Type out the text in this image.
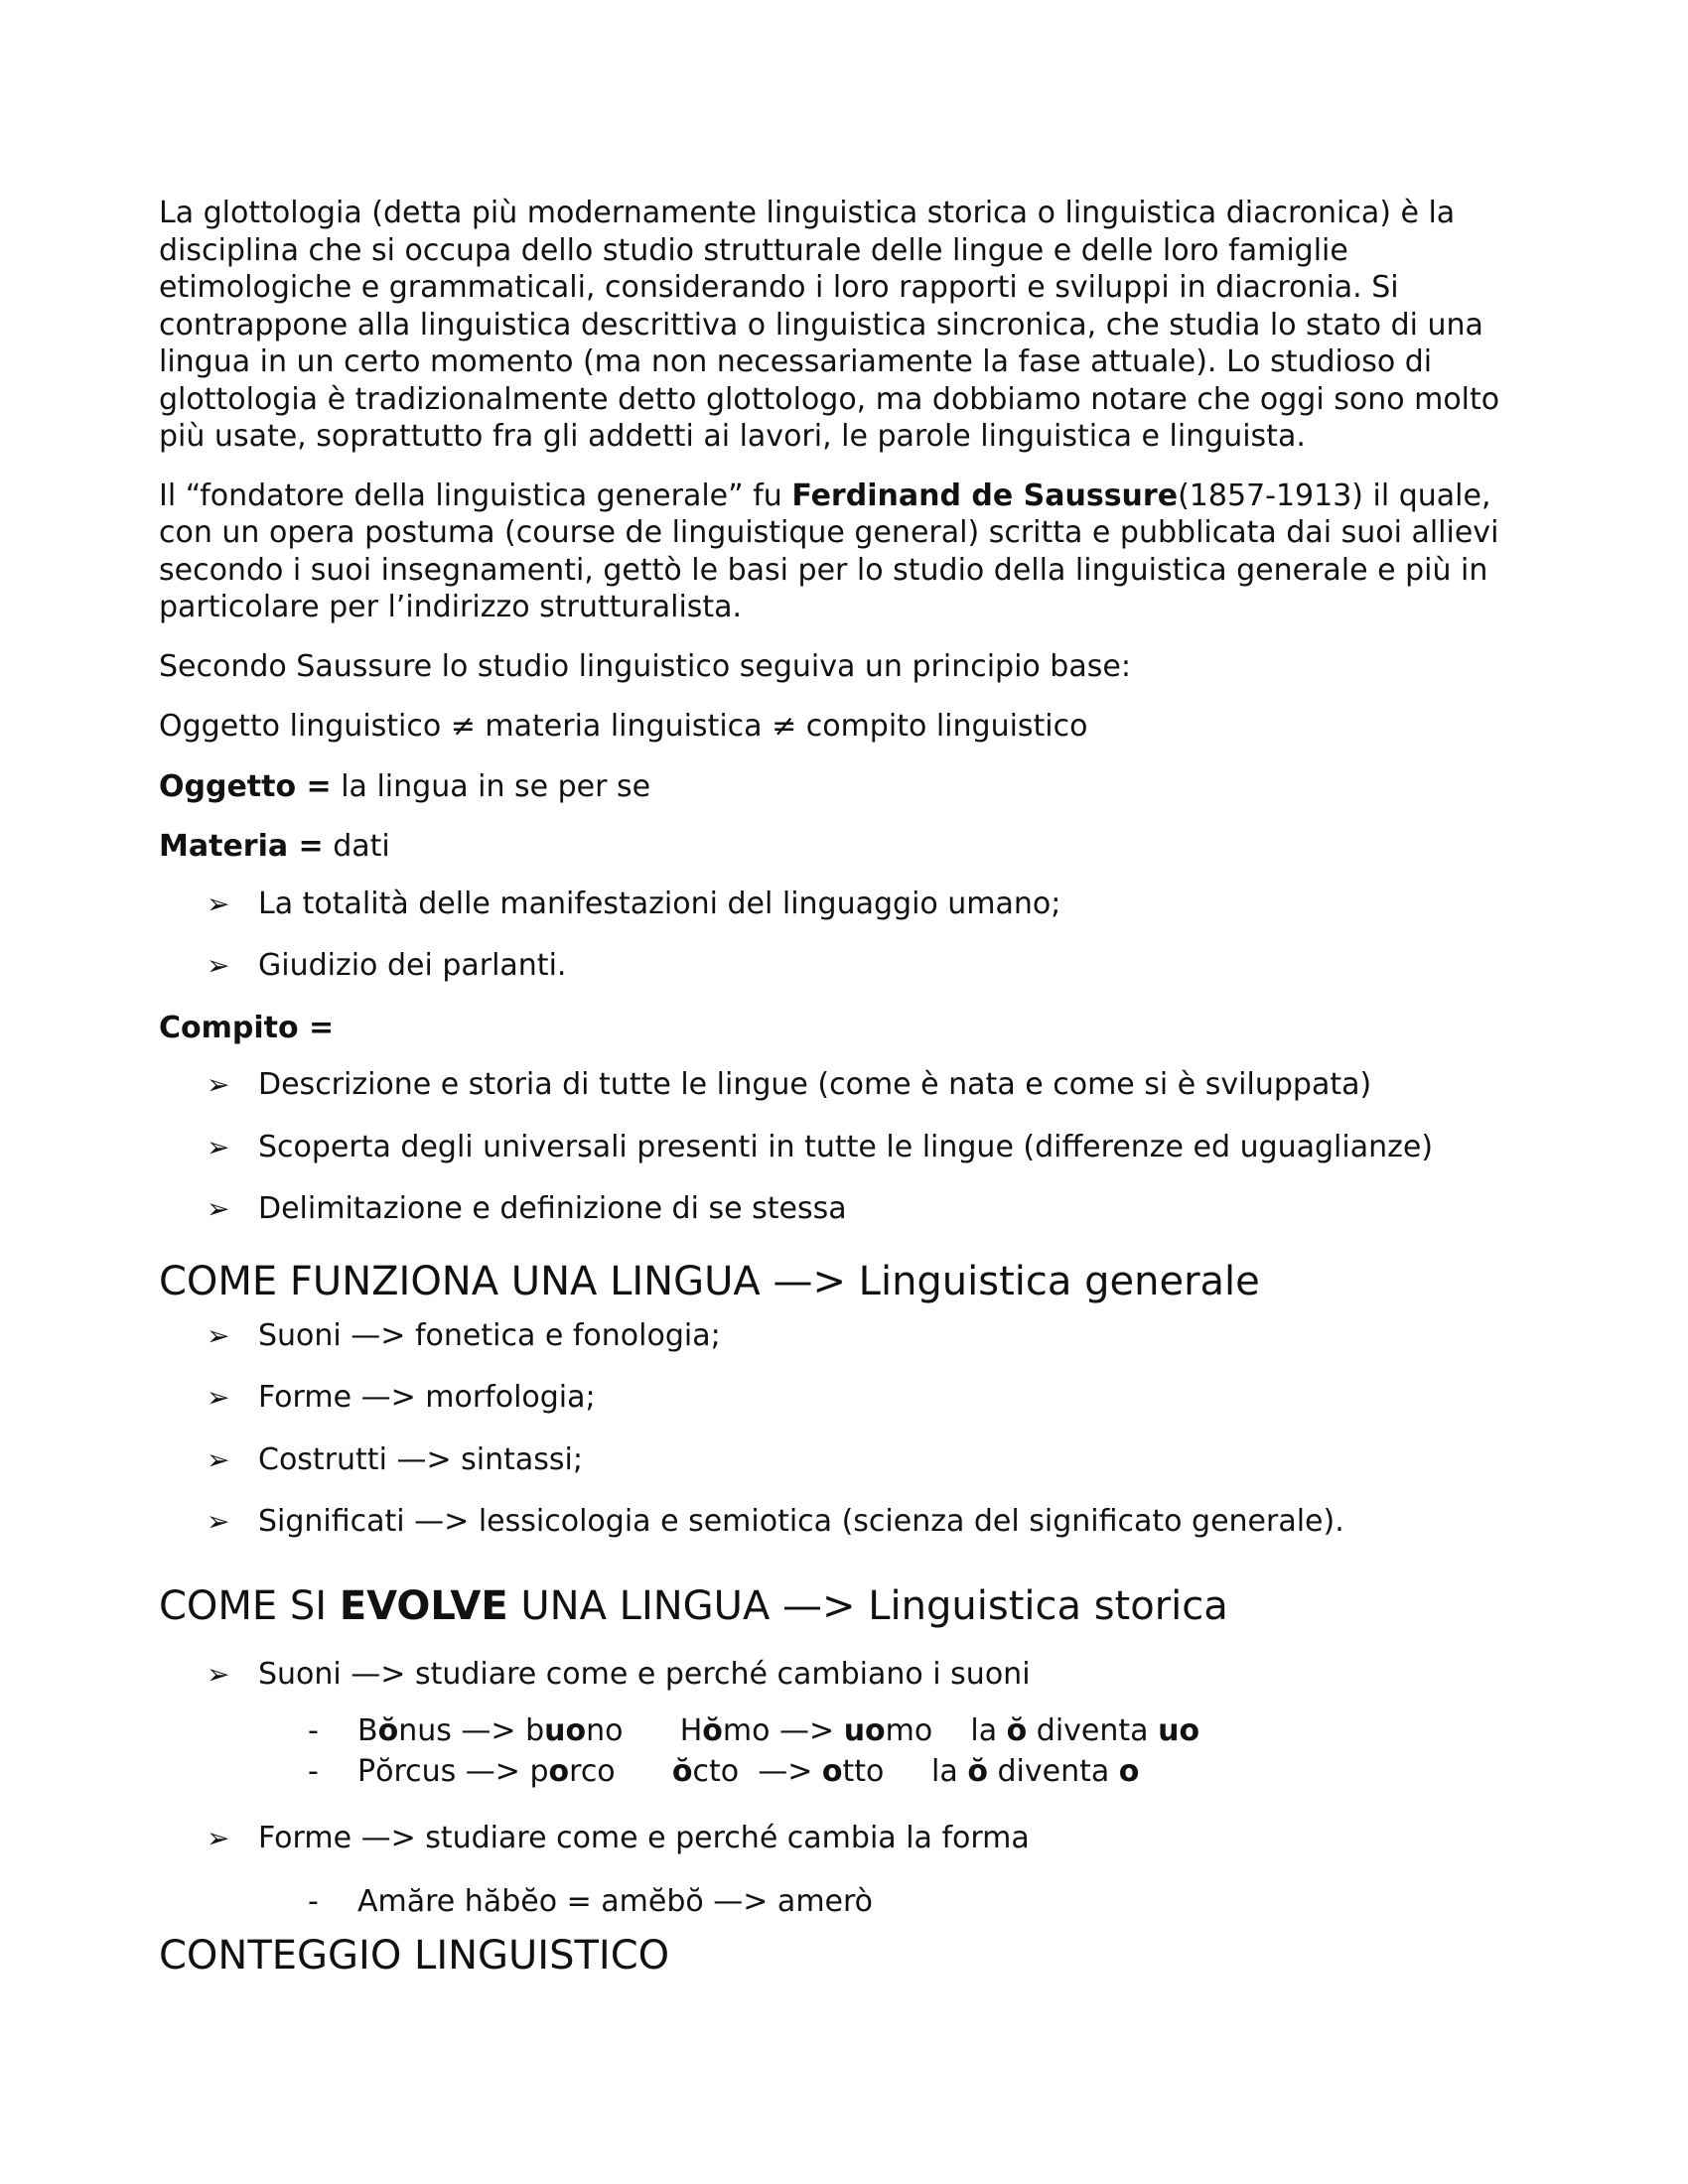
La glottologia (detta più modernamente linguistica storica o linguistica diacronica) è la disciplina che si occupa dello studio strutturale delle lingue e delle loro famiglie etimologiche e grammaticali, considerando i loro rapporti e sviluppi in diacronia. Si contrappone alla linguistica descrittiva o linguistica sincronica, che studia lo stato di una lingua in un certo momento (ma non necessariamente la fase attuale). Lo studioso di glottologia è tradizionalmente detto glottologo, ma dobbiamo notare che oggi sono molto più usate, soprattutto fra gli addetti ai lavori, le parole linguistica e linguista.

Il “fondatore della linguistica generale” fu Ferdinand de Saussure(1857-1913) il quale, con un opera postuma (course de linguistique general) scritta e pubblicata dai suoi allievi secondo i suoi insegnamenti, gettò le basi per lo studio della linguistica generale e più in particolare per l’indirizzo strutturalista.

Secondo Saussure lo studio linguistico seguiva un principio base:

Oggetto linguistico ≠ materia linguistica ≠ compito linguistico

Oggetto = la lingua in se per se

Materia = dati

➢ La totalità delle manifestazioni del linguaggio umano;
➢ Giudizio dei parlanti.

Compito =

➢ Descrizione e storia di tutte le lingue (come è nata e come si è sviluppata)
➢ Scoperta degli universali presenti in tutte le lingue (differenze ed uguaglianze)
➢ Delimitazione e definizione di se stessa
COME FUNZIONA UNA LINGUA —> Linguistica generale
➢ Suoni —> fonetica e fonologia;
➢ Forme —> morfologia;
➢ Costrutti —> sintassi;
➢ Significati —> lessicologia e semiotica (scienza del significato generale).
COME SI EVOLVE UNA LINGUA —> Linguistica storica
➢ Suoni —> studiare come e perché cambiano i suoni
- Bŏnus —> buono      Hŏmo —> uomo    la ŏ diventa uo
- Pŏrcus —> porco      ŏcto  —> otto     la ŏ diventa o
➢ Forme —> studiare come e perché cambia la forma
- Amăre hăbĕo = amĕbŏ —> amerò
CONTEGGIO LINGUISTICO
